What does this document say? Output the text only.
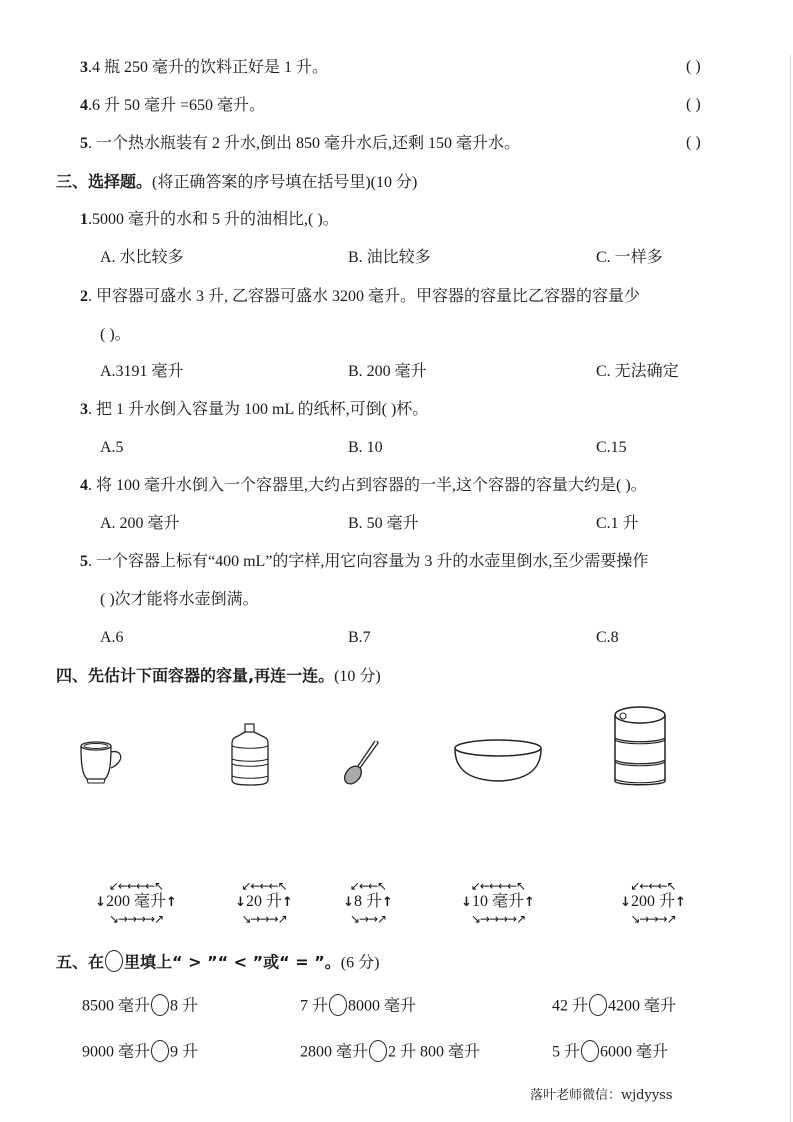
3.4 瓶 250 毫升的饮料正好是 1 升。	( )
4.6 升 50 毫升 =650 毫升。	( )
5. 一个热水瓶装有 2 升水,倒出 850 毫升水后,还剩 150 毫升水。	( )
三、选择题。(将正确答案的序号填在括号里)(10 分)
1.5000 毫升的水和 5 升的油相比,( )。
A. 水比较多	B. 油比较多	C. 一样多
2. 甲容器可盛水 3 升, 乙容器可盛水 3200 毫升。甲容器的容量比乙容器的容量少
( )。
A.3191 毫升	B. 200 毫升	C. 无法确定
3. 把 1 升水倒入容量为 100 mL 的纸杯,可倒( )杯。
A.5	B. 10	C.15
4. 将 100 毫升水倒入一个容器里,大约占到容器的一半,这个容器的容量大约是( )。
A. 200 毫升	B. 50 毫升	C.1 升
5. 一个容器上标有“400 mL”的字样,用它向容量为 3 升的水壶里倒水,至少需要操作
( )次才能将水壶倒满。
A.6	B.7	C.8
四、先估计下面容器的容量,再连一连。(10 分)
↙←←←←↖
↓200 毫升↑
↘→→→→↗
↙←←←↖
↓20 升↑
↘→→→↗
↙←←↖
↓8 升↑
↘→→↗
↙←←←←↖
↓10 毫升↑
↘→→→→↗
↙←←←↖
↓200 升↑
↘→→→↗
五、在 里填上“ > ”“ < ”或“ = ”。(6 分)
8500 毫升 8 升	7 升 8000 毫升	42 升 4200 毫升
9000 毫升 9 升	2800 毫升 2 升 800 毫升	5 升 6000 毫升
落叶老师微信：wjdyyss
